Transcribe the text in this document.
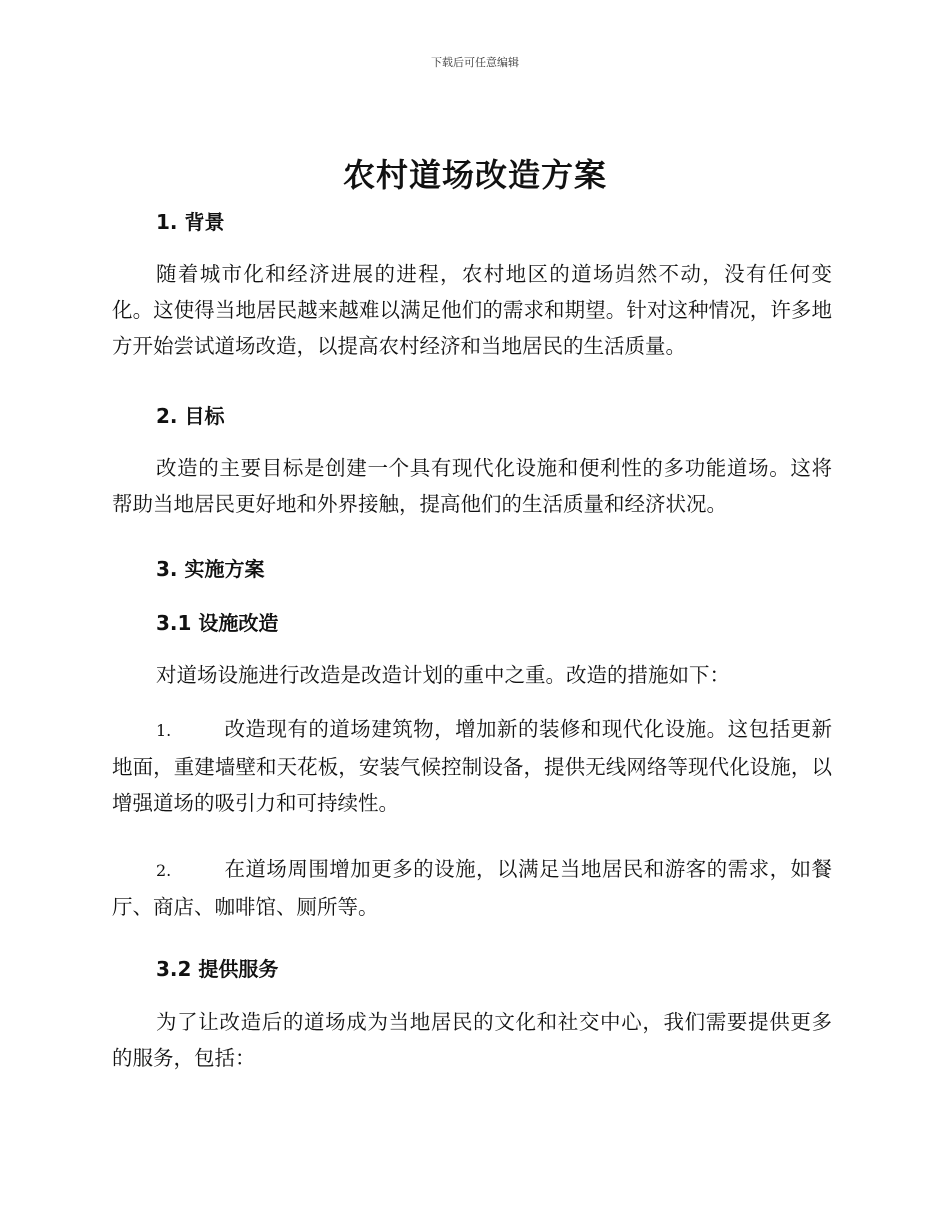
下载后可任意编辑
农村道场改造方案
1. 背景

随着城市化和经济进展的进程，农村地区的道场岿然不动，没有任何变化。这使得当地居民越来越难以满足他们的需求和期望。针对这种情况，许多地方开始尝试道场改造，以提高农村经济和当地居民的生活质量。

2. 目标

改造的主要目标是创建一个具有现代化设施和便利性的多功能道场。这将帮助当地居民更好地和外界接触，提高他们的生活质量和经济状况。

3. 实施方案
3.1 设施改造

对道场设施进行改造是改造计划的重中之重。改造的措施如下：

1.	改造现有的道场建筑物，增加新的装修和现代化设施。这包括更新地面，重建墙壁和天花板，安装气候控制设备，提供无线网络等现代化设施，以增强道场的吸引力和可持续性。

2.	在道场周围增加更多的设施，以满足当地居民和游客的需求，如餐厅、商店、咖啡馆、厕所等。

3.2 提供服务

为了让改造后的道场成为当地居民的文化和社交中心，我们需要提供更多的服务，包括：
